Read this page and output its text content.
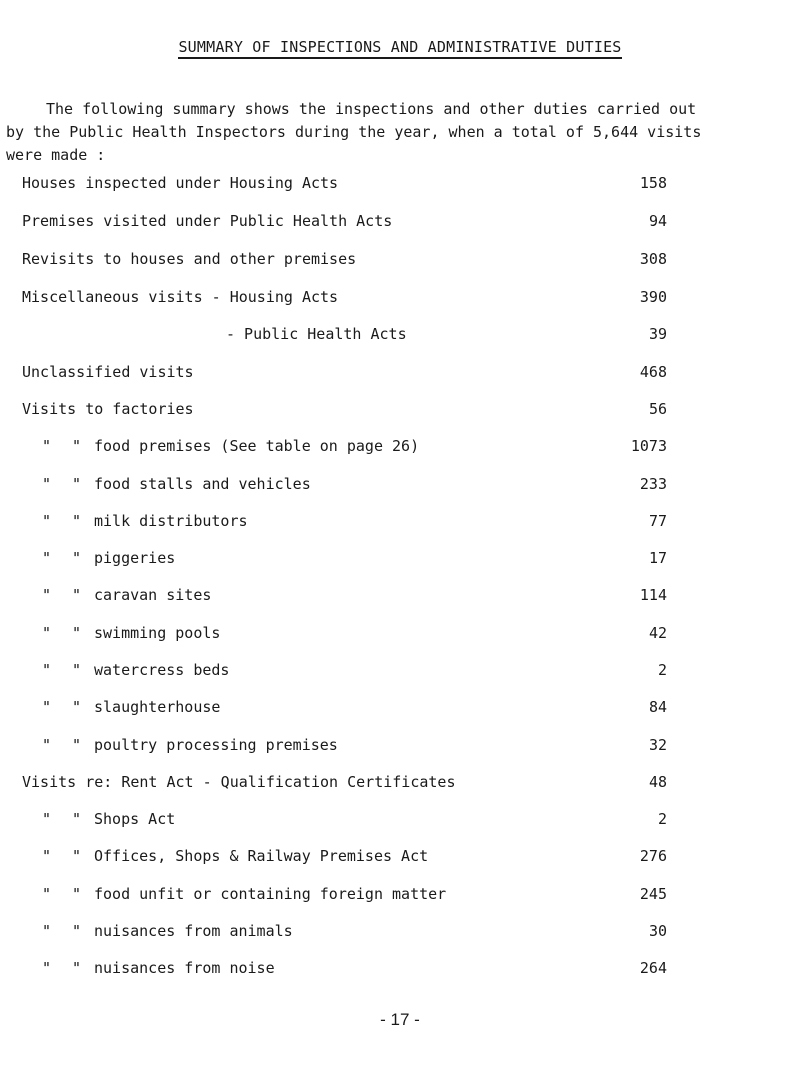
SUMMARY OF INSPECTIONS AND ADMINISTRATIVE DUTIES
The following summary shows the inspections and other duties carried out
by the Public Health Inspectors during the year, when a total of 5,644 visits
were made :
Houses inspected under Housing Acts	158
Premises visited under Public Health Acts	94
Revisits to houses and other premises	308
Miscellaneous visits - Housing Acts	390
- Public Health Acts	39
Unclassified visits	468
Visits to factories	56
" " food premises (See table on page 26)	1073
" " food stalls and vehicles	233
" " milk distributors	77
" " piggeries	17
" " caravan sites	114
" " swimming pools	42
" " watercress beds	2
" " slaughterhouse	84
" " poultry processing premises	32
Visits re: Rent Act - Qualification Certificates	48
" " Shops Act	2
" " Offices, Shops & Railway Premises Act	276
" " food unfit or containing foreign matter	245
" " nuisances from animals	30
" " nuisances from noise	264
- 17 -
